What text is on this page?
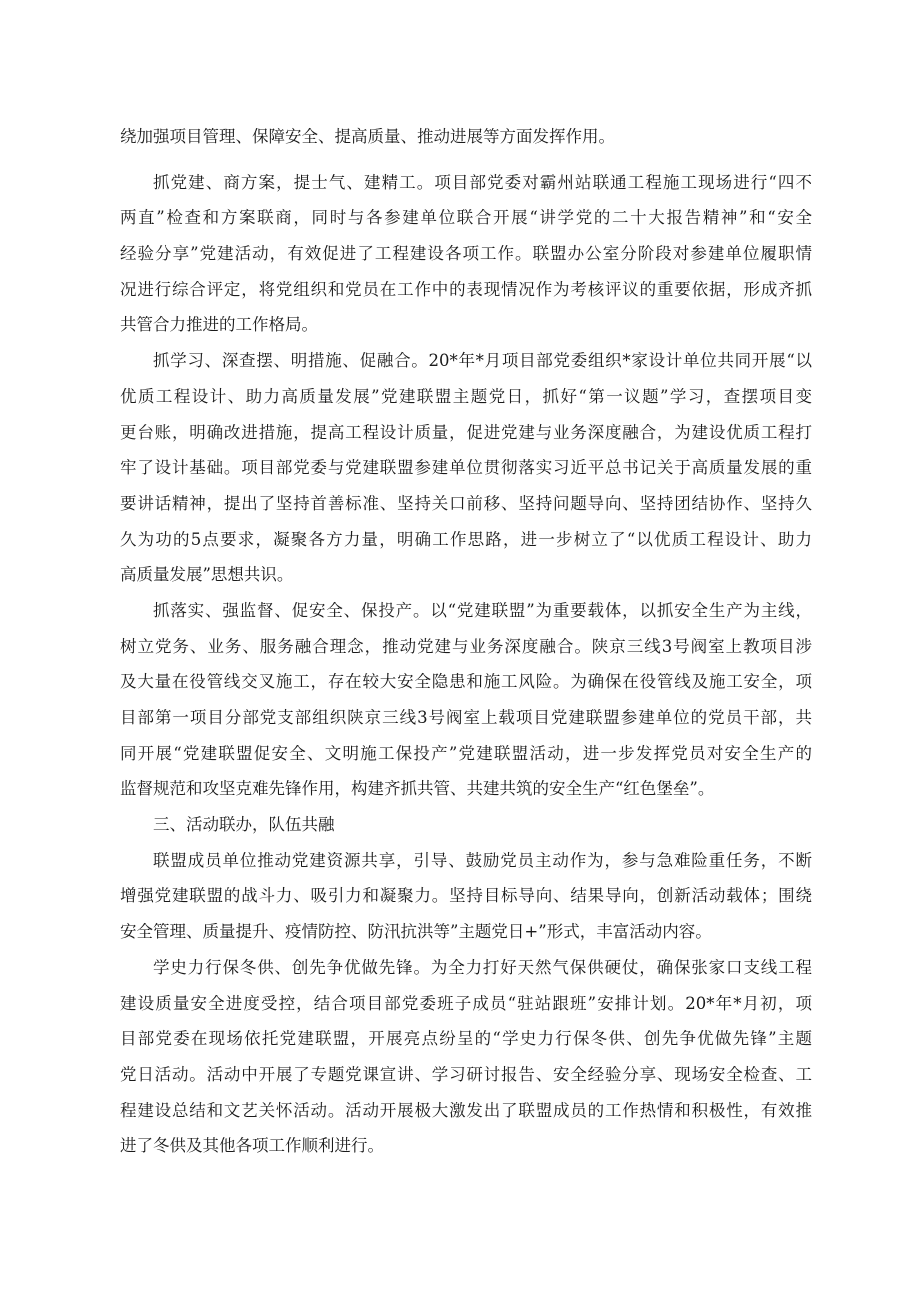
绕加强项目管理、保障安全、提高质量、推动进展等方面发挥作用。
抓党建、商方案，提士气、建精工。项目部党委对霸州站联通工程施工现场进行“四不
两直”检查和方案联商，同时与各参建单位联合开展“讲学党的二十大报告精神”和“安全
经验分享”党建活动，有效促进了工程建设各项工作。联盟办公室分阶段对参建单位履职情
况进行综合评定，将党组织和党员在工作中的表现情况作为考核评议的重要依据，形成齐抓
共管合力推进的工作格局。
抓学习、深查摆、明措施、促融合。20*年*月项目部党委组织*家设计单位共同开展“以
优质工程设计、助力高质量发展”党建联盟主题党日，抓好“第一议题”学习，查摆项目变
更台账，明确改进措施，提高工程设计质量，促进党建与业务深度融合，为建设优质工程打
牢了设计基础。项目部党委与党建联盟参建单位贯彻落实习近平总书记关于高质量发展的重
要讲话精神，提出了坚持首善标准、坚持关口前移、坚持问题导向、坚持团结协作、坚持久
久为功的5点要求，凝聚各方力量，明确工作思路，进一步树立了“以优质工程设计、助力
高质量发展”思想共识。
抓落实、强监督、促安全、保投产。以“党建联盟”为重要载体，以抓安全生产为主线，
树立党务、业务、服务融合理念，推动党建与业务深度融合。陕京三线3号阀室上教项目涉
及大量在役管线交叉施工，存在较大安全隐患和施工风险。为确保在役管线及施工安全，项
目部第一项目分部党支部组织陕京三线3号阀室上载项目党建联盟参建单位的党员干部，共
同开展“党建联盟促安全、文明施工保投产”党建联盟活动，进一步发挥党员对安全生产的
监督规范和攻坚克难先锋作用，构建齐抓共管、共建共筑的安全生产“红色堡垒”。
三、活动联办，队伍共融
联盟成员单位推动党建资源共享，引导、鼓励党员主动作为，参与急难险重任务，不断
增强党建联盟的战斗力、吸引力和凝聚力。坚持目标导向、结果导向，创新活动载体；围绕
安全管理、质量提升、疫情防控、防汛抗洪等”主题党日+”形式，丰富活动内容。
学史力行保冬供、创先争优做先锋。为全力打好天然气保供硬仗，确保张家口支线工程
建设质量安全进度受控，结合项目部党委班子成员“驻站跟班”安排计划。20*年*月初，项
目部党委在现场依托党建联盟，开展亮点纷呈的“学史力行保冬供、创先争优做先锋”主题
党日活动。活动中开展了专题党课宣讲、学习研讨报告、安全经验分享、现场安全检查、工
程建设总结和文艺关怀活动。活动开展极大激发出了联盟成员的工作热情和积极性，有效推
进了冬供及其他各项工作顺利进行。
